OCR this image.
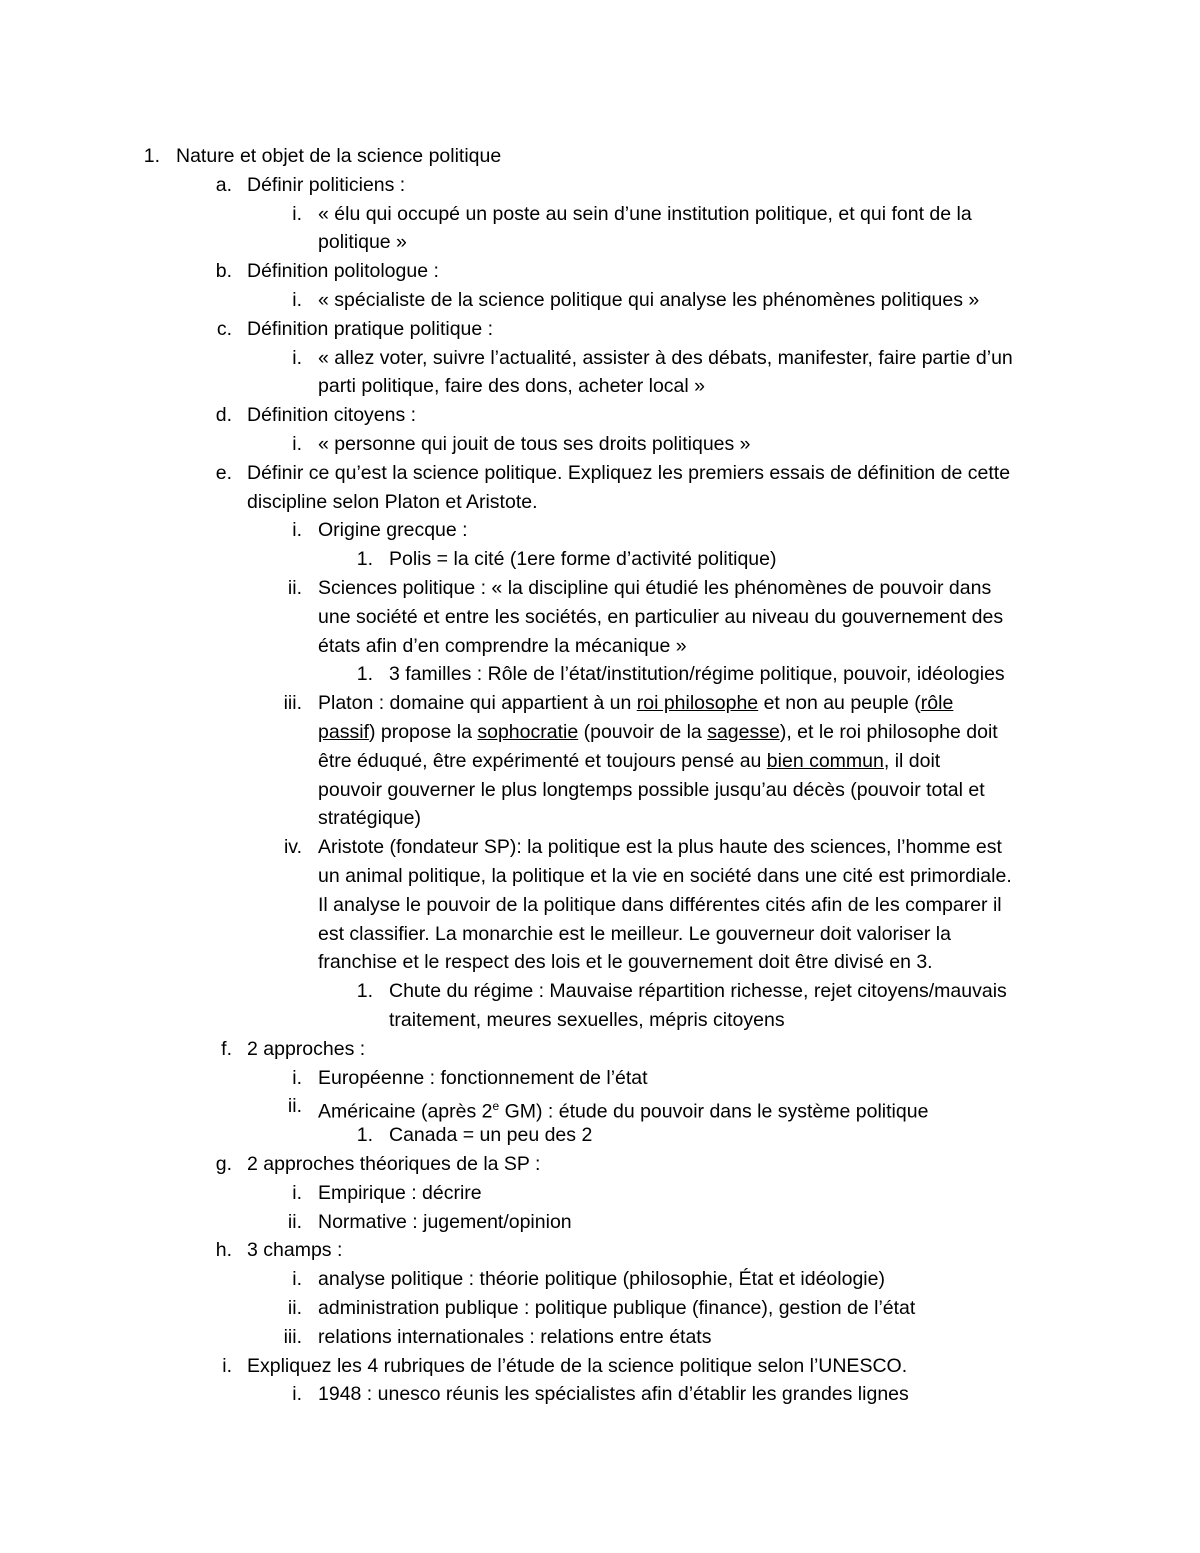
1. Nature et objet de la science politique
a. Définir politiciens :
i. « élu qui occupé un poste au sein d’une institution politique, et qui font de la
politique »
b. Définition politologue :
i. « spécialiste de la science politique qui analyse les phénomènes politiques »
c. Définition pratique politique :
i. « allez voter, suivre l’actualité, assister à des débats, manifester, faire partie d’un
parti politique, faire des dons, acheter local »
d. Définition citoyens :
i. « personne qui jouit de tous ses droits politiques »
e. Définir ce qu’est la science politique. Expliquez les premiers essais de définition de cette
discipline selon Platon et Aristote.
i. Origine grecque :
1. Polis = la cité (1ere forme d’activité politique)
ii. Sciences politique : « la discipline qui étudié les phénomènes de pouvoir dans
une société et entre les sociétés, en particulier au niveau du gouvernement des
états afin d’en comprendre la mécanique »
1. 3 familles : Rôle de l’état/institution/régime politique, pouvoir, idéologies
iii. Platon : domaine qui appartient à un roi philosophe et non au peuple (rôle
passif) propose la sophocratie (pouvoir de la sagesse), et le roi philosophe doit
être éduqué, être expérimenté et toujours pensé au bien commun, il doit
pouvoir gouverner le plus longtemps possible jusqu’au décès (pouvoir total et
stratégique)
iv. Aristote (fondateur SP): la politique est la plus haute des sciences, l’homme est
un animal politique, la politique et la vie en société dans une cité est primordiale.
Il analyse le pouvoir de la politique dans différentes cités afin de les comparer il
est classifier. La monarchie est le meilleur. Le gouverneur doit valoriser la
franchise et le respect des lois et le gouvernement doit être divisé en 3.
1. Chute du régime : Mauvaise répartition richesse, rejet citoyens/mauvais
traitement, meures sexuelles, mépris citoyens
f. 2 approches :
i. Européenne : fonctionnement de l’état
ii. Américaine (après 2e GM) : étude du pouvoir dans le système politique
1. Canada = un peu des 2
g. 2 approches théoriques de la SP :
i. Empirique : décrire
ii. Normative : jugement/opinion
h. 3 champs :
i. analyse politique : théorie politique (philosophie, État et idéologie)
ii. administration publique : politique publique (finance), gestion de l’état
iii. relations internationales : relations entre états
i. Expliquez les 4 rubriques de l’étude de la science politique selon l’UNESCO.
i. 1948 : unesco réunis les spécialistes afin d’établir les grandes lignes
